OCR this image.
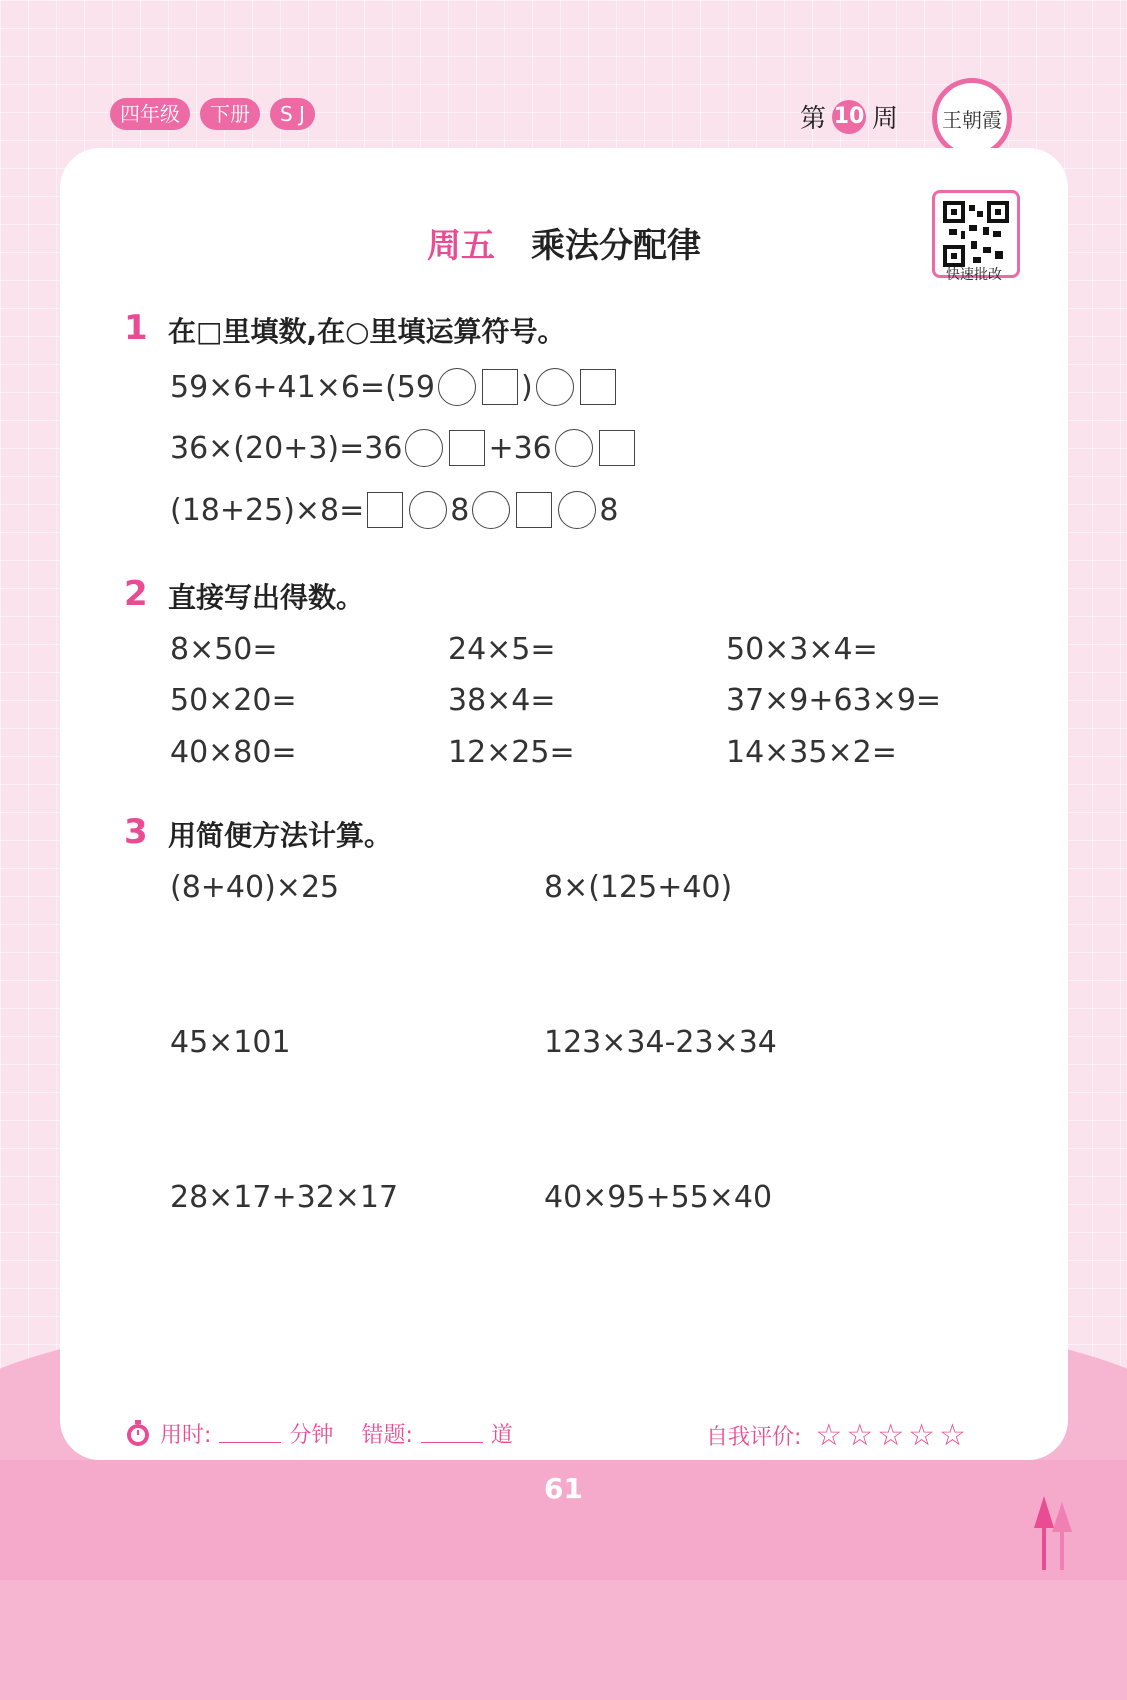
四年级	下册	S J	第 10 周 王朝霞
周五 乘法分配律
快速批改
1 在□里填数,在○里填运算符号。
59×6+41×6=(59	)
36×(20+3)=36	+36
(18+25)×8=	8	8
2 直接写出得数。
8×50=	24×5=	50×3×4=
50×20=	38×4=	37×9+63×9=
40×80=	12×25=	14×35×2=
3 用简便方法计算。
(8+40)×25	8×(125+40)
45×101	123×34-23×34
28×17+32×17	40×95+55×40
用时:	分钟 错题:	道	自我评价: ☆☆☆☆☆
61
